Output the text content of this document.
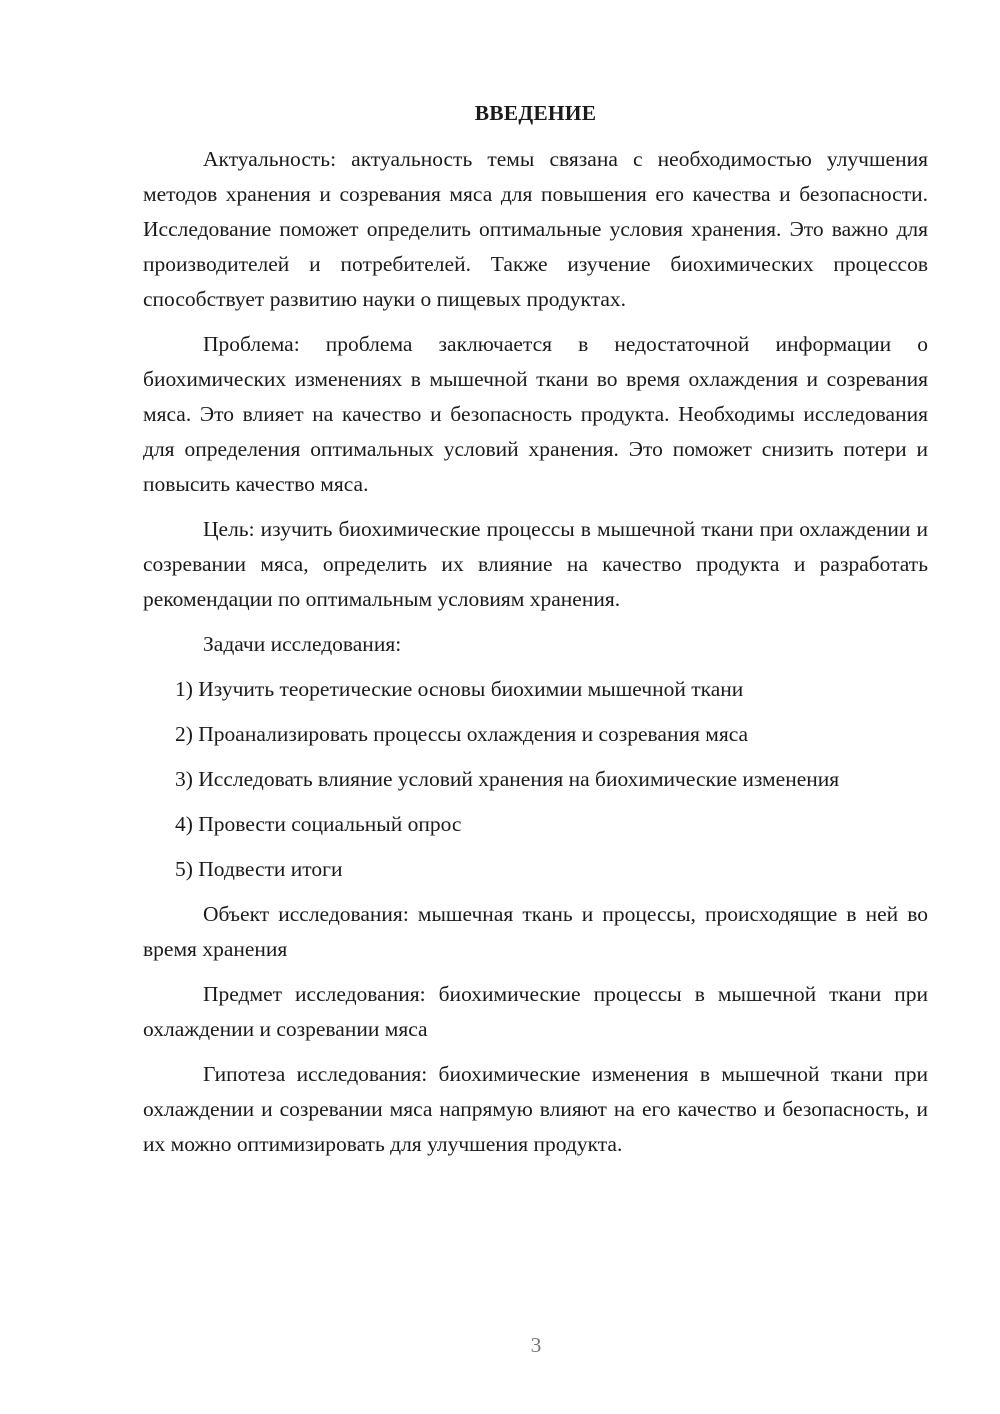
ВВЕДЕНИЕ

Актуальность: актуальность темы связана с необходимостью улучшения методов хранения и созревания мяса для повышения его качества и безопасности. Исследование поможет определить оптимальные условия хранения. Это важно для производителей и потребителей. Также изучение биохимических процессов способствует развитию науки о пищевых продуктах.

Проблема: проблема заключается в недостаточной информации о биохимических изменениях в мышечной ткани во время охлаждения и созревания мяса. Это влияет на качество и безопасность продукта. Необходимы исследования для определения оптимальных условий хранения. Это поможет снизить потери и повысить качество мяса.

Цель: изучить биохимические процессы в мышечной ткани при охлаждении и созревании мяса, определить их влияние на качество продукта и разработать рекомендации по оптимальным условиям хранения.

Задачи исследования:

1) Изучить теоретические основы биохимии мышечной ткани

2) Проанализировать процессы охлаждения и созревания мяса

3) Исследовать влияние условий хранения на биохимические изменения

4) Провести социальный опрос

5) Подвести итоги

Объект исследования: мышечная ткань и процессы, происходящие в ней во время хранения

Предмет исследования: биохимические процессы в мышечной ткани при охлаждении и созревании мяса

Гипотеза исследования: биохимические изменения в мышечной ткани при охлаждении и созревании мяса напрямую влияют на его качество и безопасность, и их можно оптимизировать для улучшения продукта.

3
